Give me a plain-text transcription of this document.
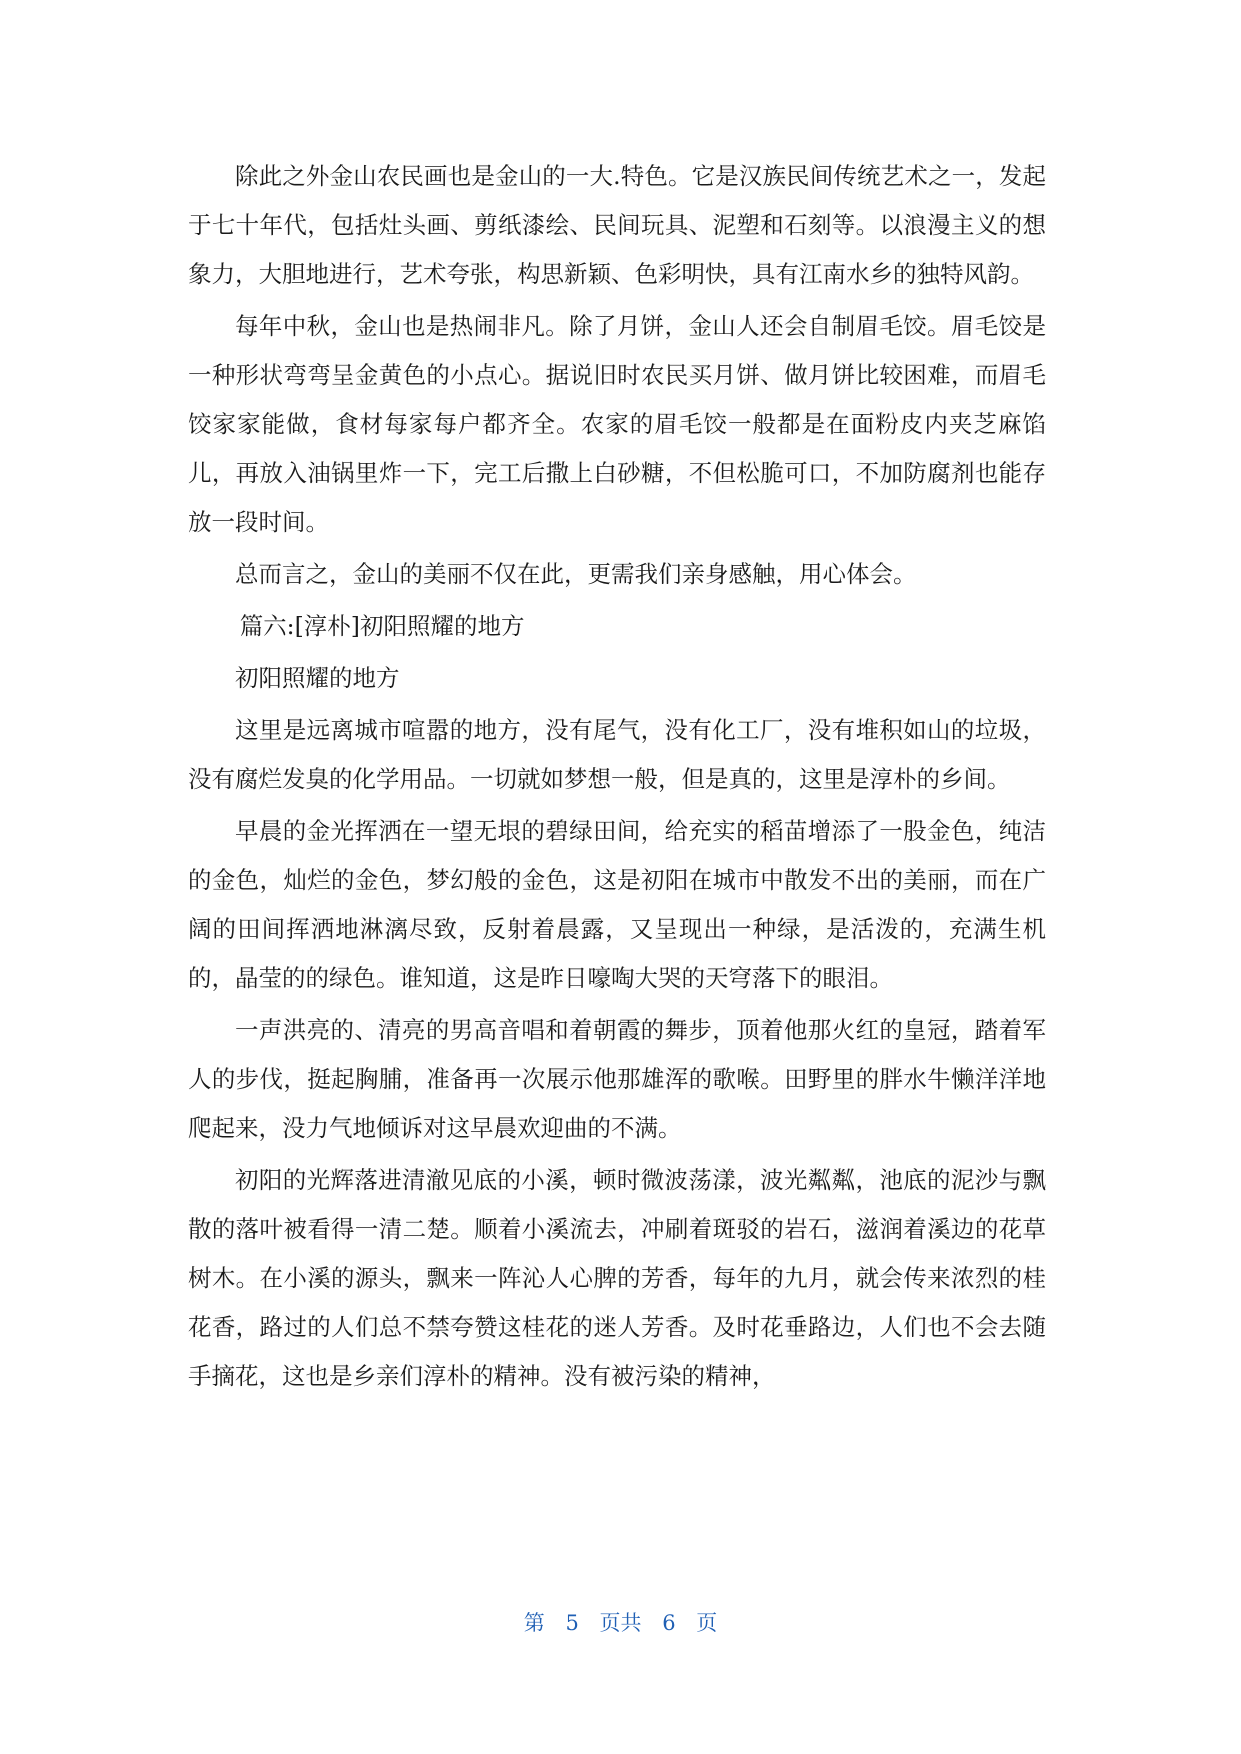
除此之外金山农民画也是金山的一大.特色。它是汉族民间传统艺术之一，发起于七十年代，包括灶头画、剪纸漆绘、民间玩具、泥塑和石刻等。以浪漫主义的想象力，大胆地进行，艺术夸张，构思新颖、色彩明快，具有江南水乡的独特风韵。

每年中秋，金山也是热闹非凡。除了月饼，金山人还会自制眉毛饺。眉毛饺是一种形状弯弯呈金黄色的小点心。据说旧时农民买月饼、做月饼比较困难，而眉毛饺家家能做，食材每家每户都齐全。农家的眉毛饺一般都是在面粉皮内夹芝麻馅儿，再放入油锅里炸一下，完工后撒上白砂糖，不但松脆可口，不加防腐剂也能存放一段时间。

总而言之，金山的美丽不仅在此，更需我们亲身感触，用心体会。

篇六:[淳朴]初阳照耀的地方

初阳照耀的地方

这里是远离城市喧嚣的地方，没有尾气，没有化工厂，没有堆积如山的垃圾，没有腐烂发臭的化学用品。一切就如梦想一般，但是真的，这里是淳朴的乡间。

早晨的金光挥洒在一望无垠的碧绿田间，给充实的稻苗增添了一股金色，纯洁的金色，灿烂的金色，梦幻般的金色，这是初阳在城市中散发不出的美丽，而在广阔的田间挥洒地淋漓尽致，反射着晨露，又呈现出一种绿，是活泼的，充满生机的，晶莹的的绿色。谁知道，这是昨日嚎啕大哭的天穹落下的眼泪。

一声洪亮的、清亮的男高音唱和着朝霞的舞步，顶着他那火红的皇冠，踏着军人的步伐，挺起胸脯，准备再一次展示他那雄浑的歌喉。田野里的胖水牛懒洋洋地爬起来，没力气地倾诉对这早晨欢迎曲的不满。

初阳的光辉落进清澈见底的小溪，顿时微波荡漾，波光粼粼，池底的泥沙与飘散的落叶被看得一清二楚。顺着小溪流去，冲刷着斑驳的岩石，滋润着溪边的花草树木。在小溪的源头，飘来一阵沁人心脾的芳香，每年的九月，就会传来浓烈的桂花香，路过的人们总不禁夸赞这桂花的迷人芳香。及时花垂路边，人们也不会去随手摘花，这也是乡亲们淳朴的精神。没有被污染的精神，

第 5 页共 6 页
